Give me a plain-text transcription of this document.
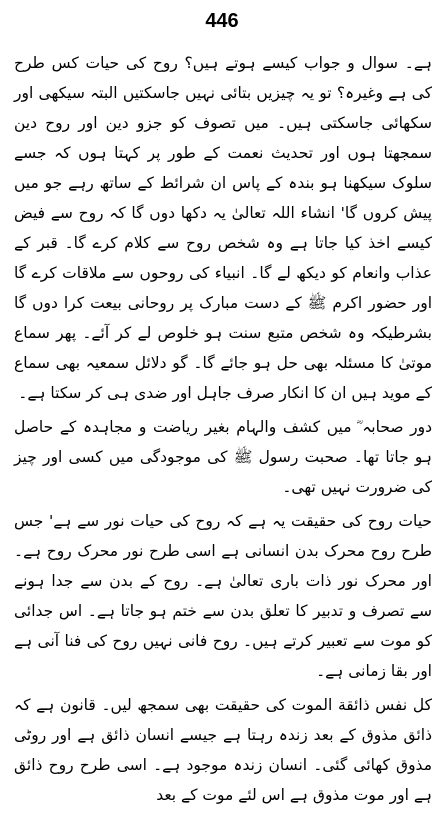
446

ہے۔ سوال و جواب کیسے ہوتے ہیں؟ روح کی حیات کس طرح کی ہے وغیرہ؟ تو یہ چیزیں بتائی نہیں جاسکتیں البتہ سیکھی اور سکھائی جاسکتی ہیں۔ میں تصوف کو جزو دین اور روح دین سمجھتا ہوں اور تحدیث نعمت کے طور پر کہتا ہوں کہ جسے سلوک سیکھنا ہو بندہ کے پاس ان شرائط کے ساتھ رہے جو میں پیش کروں گا' انشاء اللہ تعالیٰ یہ دکھا دوں گا کہ روح سے فیض کیسے اخذ کیا جاتا ہے وہ شخص روح سے کلام کرے گا۔ قبر کے عذاب وانعام کو دیکھ لے گا۔ انبیاء کی روحوں سے ملاقات کرے گا اور حضور اکرم ﷺ کے دست مبارک پر روحانی بیعت کرا دوں گا بشرطیکہ وہ شخص متبع سنت ہو خلوص لے کر آئے۔ پھر سماع موتیٰ کا مسئلہ بھی حل ہو جائے گا۔ گو دلائل سمعیہ بھی سماع کے موید ہیں ان کا انکار صرف جاہل اور ضدی ہی کر سکتا ہے۔

دور صحابہ ؓ میں کشف والہام بغیر ریاضت و مجاہدہ کے حاصل ہو جاتا تھا۔ صحبت رسول ﷺ کی موجودگی میں کسی اور چیز کی ضرورت نہیں تھی۔

حیات روح کی حقیقت یہ ہے کہ روح کی حیات نور سے ہے' جس طرح روح محرک بدن انسانی ہے اسی طرح نور محرک روح ہے۔ اور محرک نور ذات باری تعالیٰ ہے۔ روح کے بدن سے جدا ہونے سے تصرف و تدبیر کا تعلق بدن سے ختم ہو جاتا ہے۔ اس جدائی کو موت سے تعبیر کرتے ہیں۔ روح فانی نہیں روح کی فنا آنی ہے اور بقا زمانی ہے۔

کل نفس ذائقة الموت کی حقیقت بھی سمجھ لیں۔ قانون ہے کہ ذائق مذوق کے بعد زندہ رہتا ہے جیسے انسان ذائق ہے اور روٹی مذوق کھائی گئی۔ انسان زندہ موجود ہے۔ اسی طرح روح ذائق ہے اور موت مذوق ہے اس لئے موت کے بعد
